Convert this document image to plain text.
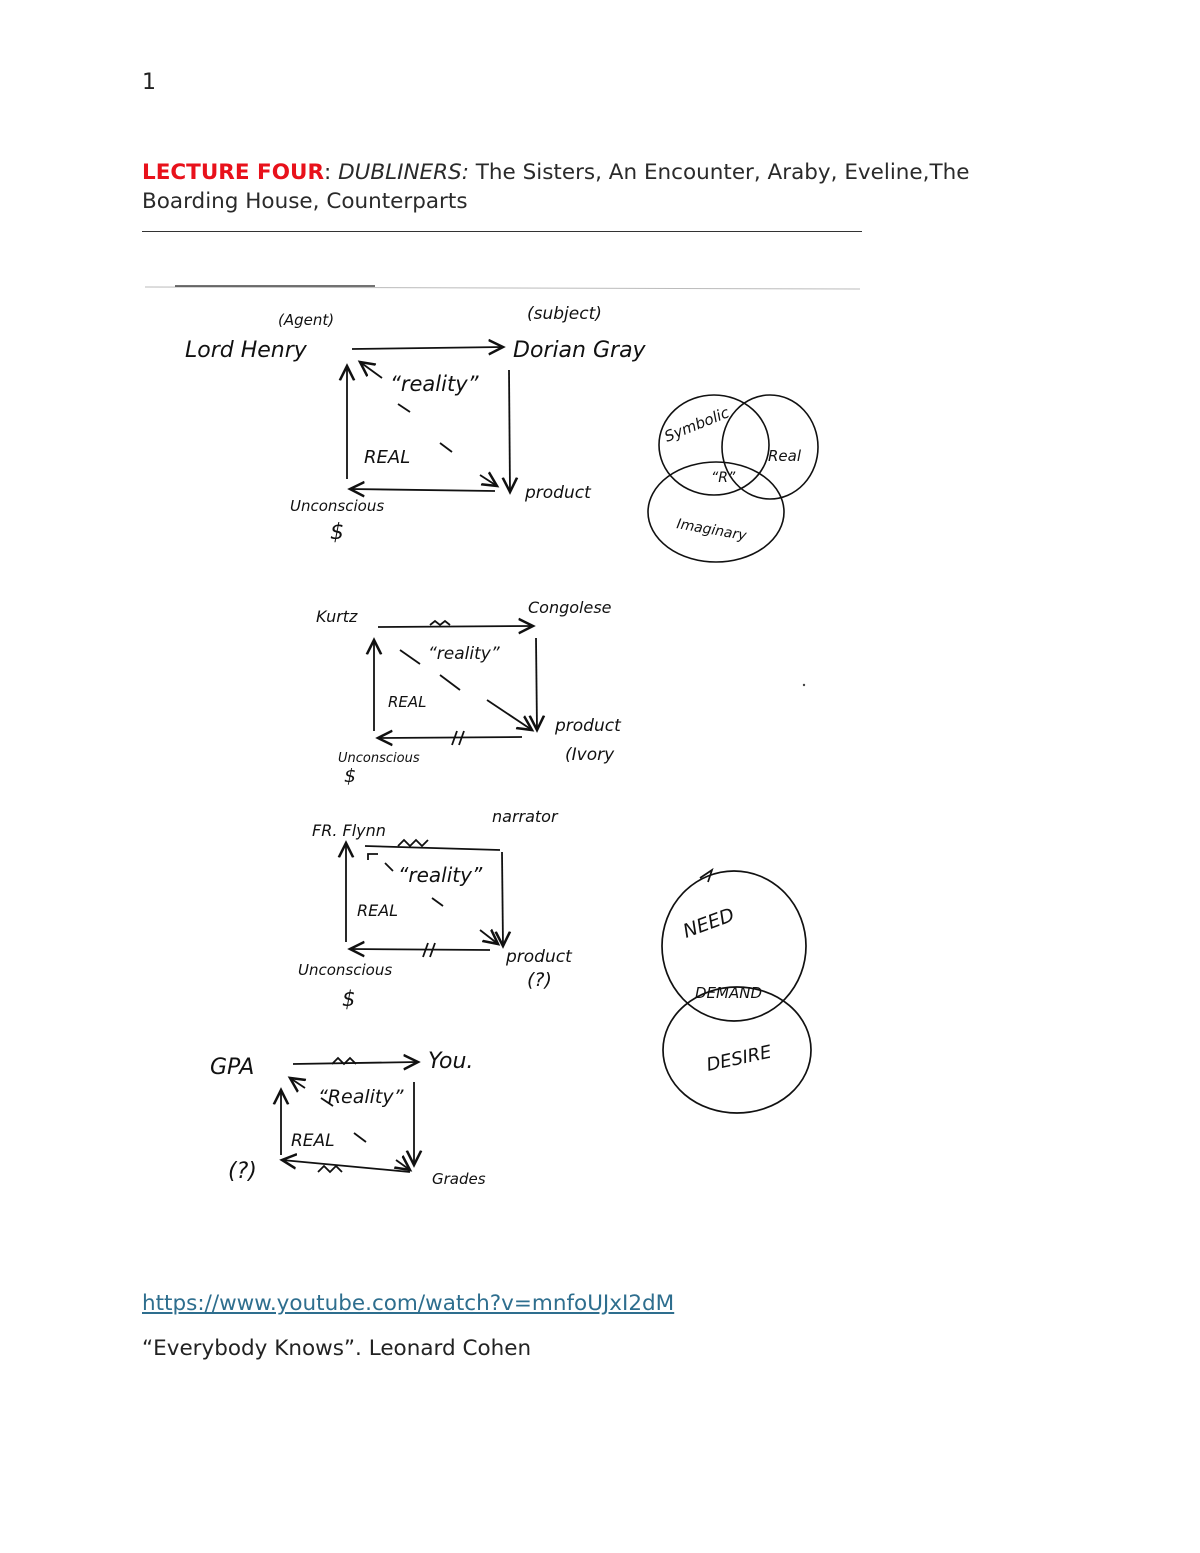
1
LECTURE FOUR: DUBLINERS: The Sisters, An Encounter, Araby, Eveline,The
Boarding House, Counterparts
(Agent)
Lord Henry
(subject)
Dorian Gray
“reality”
REAL
Unconscious
$
product
Symbolic
Real
Imaginary
“R”
Kurtz	Congolese
“reality”
REAL
Unconscious
$
product
(Ivory
FR. Flynn
narrator
“reality”
REAL
Unconscious
$
product
(?)
NEED
DEMAND
DESIRE
GPA	You.
“Reality”
REAL
(?)	Grades
https://www.youtube.com/watch?v=mnfoUJxI2dM
“Everybody Knows”. Leonard Cohen
